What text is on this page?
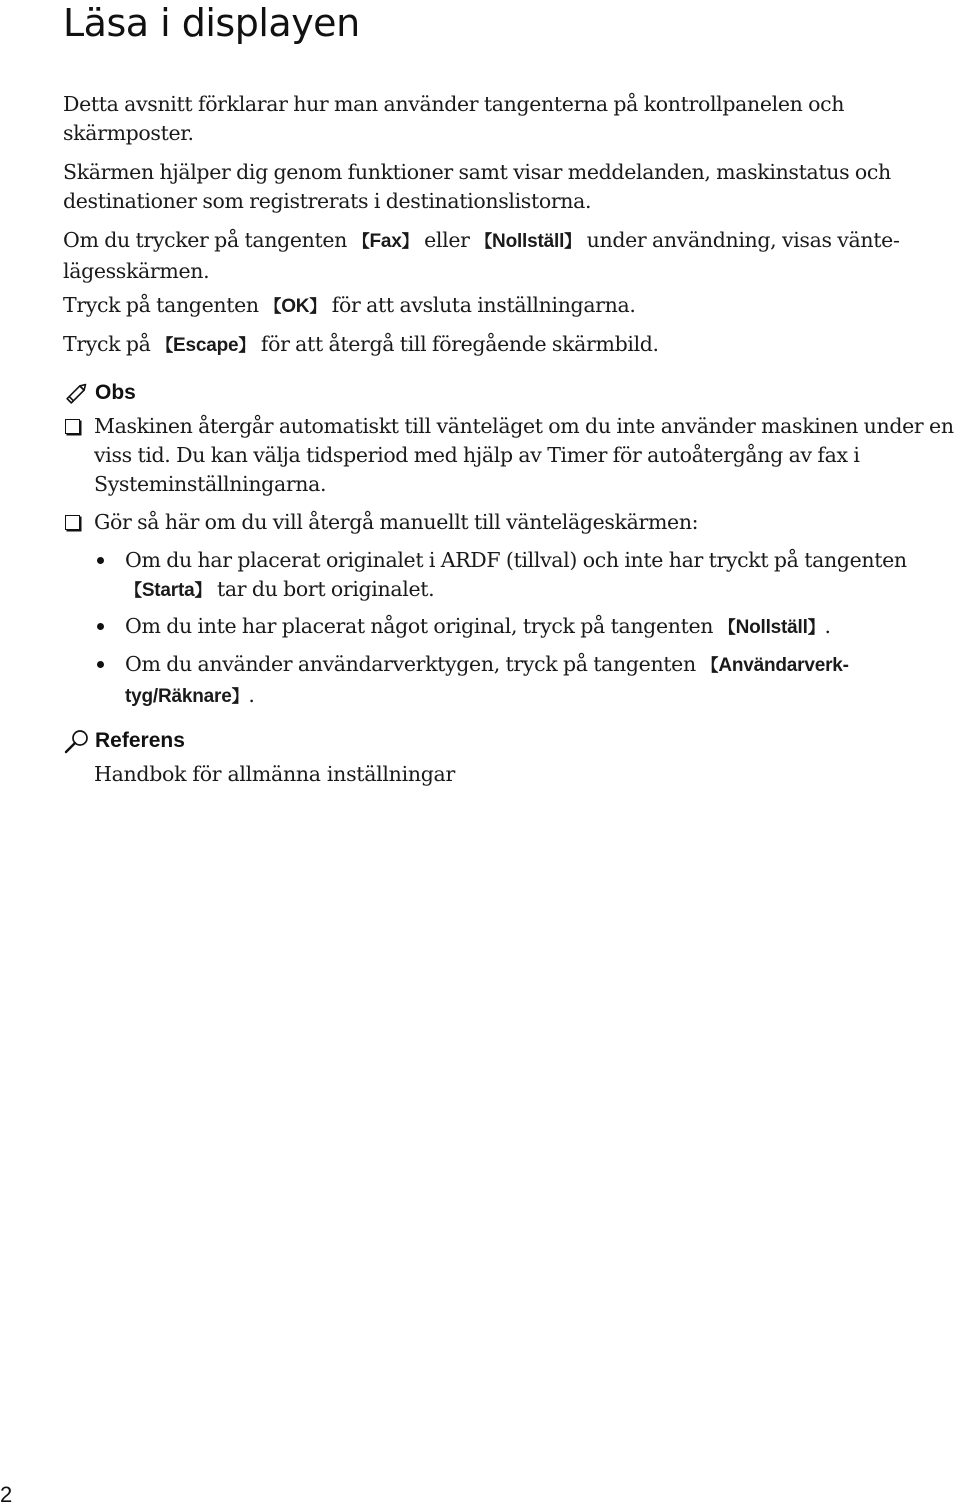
Läsa i displayen

Detta avsnitt förklarar hur man använder tangenterna på kontrollpanelen och skärmposter.

Skärmen hjälper dig genom funktioner samt visar meddelanden, maskinstatus och destinationer som registrerats i destinationslistorna.

Om du trycker på tangenten 【Fax】 eller 【Nollställ】 under användning, visas väntelägesskärmen.

Tryck på tangenten 【OK】 för att avsluta inställningarna.

Tryck på 【Escape】 för att återgå till föregående skärmbild.

Obs

Maskinen återgår automatiskt till vänteläget om du inte använder maskinen under en viss tid. Du kan välja tidsperiod med hjälp av Timer för autoåtergång av fax i Systeminställningarna.

Gör så här om du vill återgå manuellt till väntelägeskärmen:

Om du har placerat originalet i ARDF (tillval) och inte har tryckt på tangenten 【Starta】 tar du bort originalet.

Om du inte har placerat något original, tryck på tangenten 【Nollställ】.

Om du använder användarverktygen, tryck på tangenten 【Användarverktyg/Räknare】.

Referens

Handbok för allmänna inställningar

2
